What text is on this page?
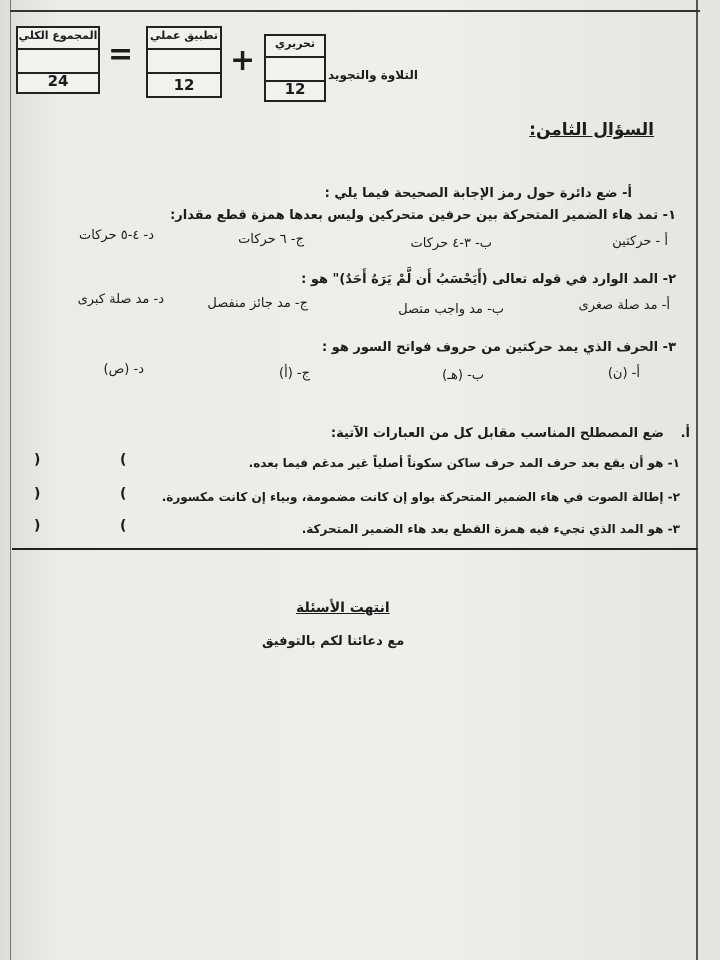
المجموع الكلي
24
=
تطبيق عملي
12
+	تحريري
12
التلاوة والتجويد
السؤال الثامن:
أ- ضع دائرة حول رمز الإجابة الصحيحة فيما يلي :
١- تمد هاء الضمير المتحركة بين حرفين متحركين وليس بعدها همزة قطع مقدار:
أ - حركتين
ب- ٣-٤ حركات
ج- ٦ حركات
د- ٤-٥ حركات
٢- المد الوارد في قوله تعالى (أَيَحْسَبُ أَن لَّمْ يَرَهُ أَحَدٌ)" هو :
أ- مد صلة صغرى
ب- مد واجب متصل
ج- مد جائز منفصل
د- مد صلة كبرى
٣- الحرف الذي يمد حركتين من حروف فواتح السور هو :
أ- (ن)
ب- (هـ)
ج- (أ)
د- (ص)
أ.
ضع المصطلح المناسب مقابل كل من العبارات الآتية:
١- هو أن يقع بعد حرف المد حرف ساكن سكوناً أصلياً غير مدغم فيما بعده.
(
)
٢- إطالة الصوت في هاء الضمير المتحركة بواو إن كانت مضمومة، وبياء إن كانت مكسورة.
(
)
٣- هو المد الذي تجيء فيه همزة القطع بعد هاء الضمير المتحركة.
(
)
انتهت الأسئلة
مع دعائنا لكم بالتوفيق
